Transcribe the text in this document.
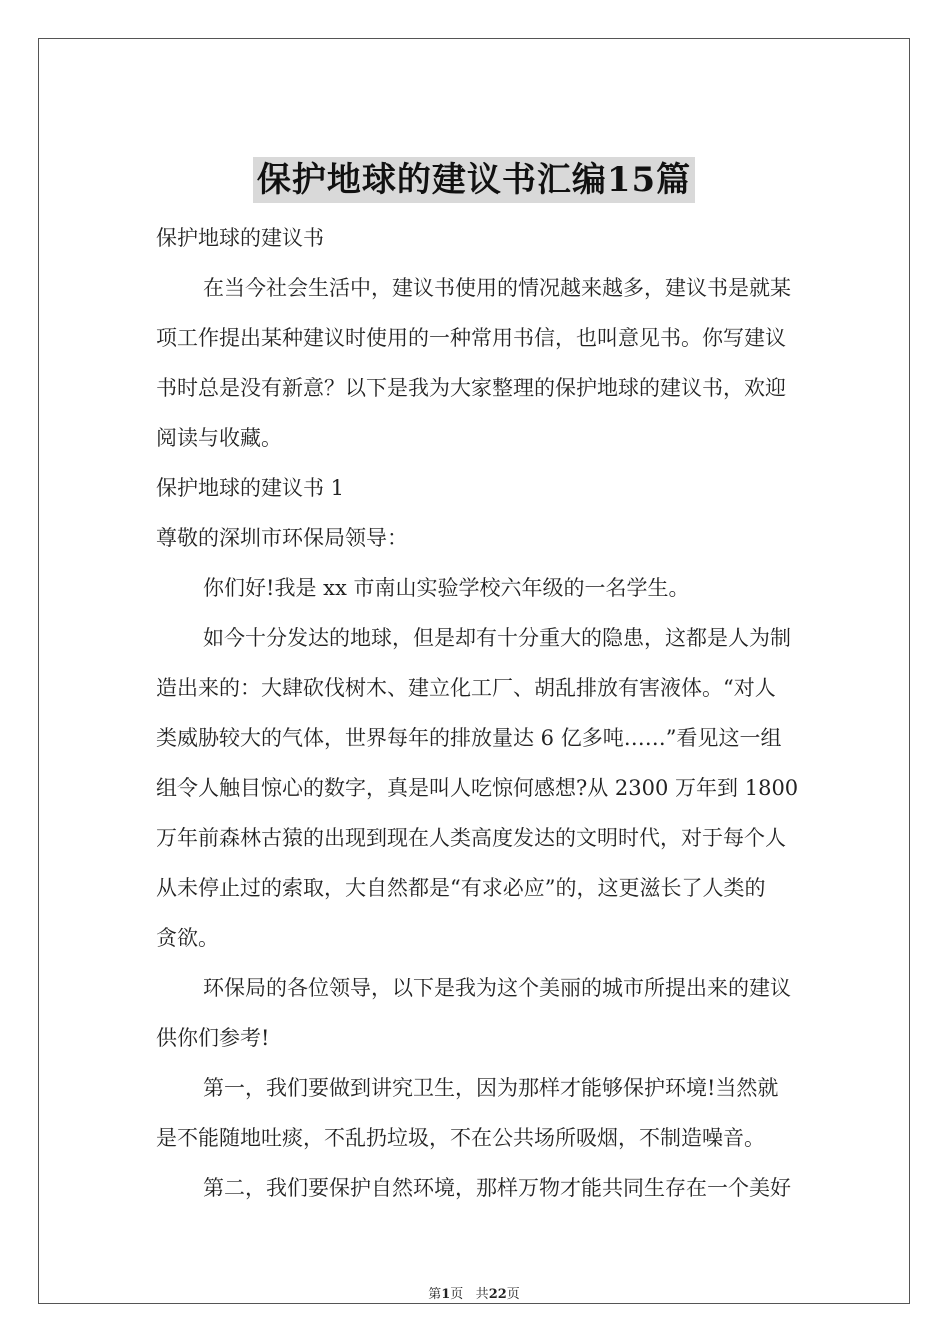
保护地球的建议书汇编15篇
保护地球的建议书
在当今社会生活中，建议书使用的情况越来越多，建议书是就某
项工作提出某种建议时使用的一种常用书信，也叫意见书。你写建议
书时总是没有新意？以下是我为大家整理的保护地球的建议书，欢迎
阅读与收藏。
保护地球的建议书 1
尊敬的深圳市环保局领导：
你们好!我是 xx 市南山实验学校六年级的一名学生。
如今十分发达的地球，但是却有十分重大的隐患，这都是人为制
造出来的：大肆砍伐树木、建立化工厂、胡乱排放有害液体。“对人
类威胁较大的气体，世界每年的排放量达 6 亿多吨……”看见这一组
组令人触目惊心的数字，真是叫人吃惊何感想?从 2300 万年到 1800
万年前森林古猿的出现到现在人类高度发达的文明时代，对于每个人
从未停止过的索取，大自然都是“有求必应”的，这更滋长了人类的
贪欲。
环保局的各位领导，以下是我为这个美丽的城市所提出来的建议
供你们参考!
第一，我们要做到讲究卫生，因为那样才能够保护环境!当然就
是不能随地吐痰，不乱扔垃圾，不在公共场所吸烟，不制造噪音。
第二，我们要保护自然环境，那样万物才能共同生存在一个美好
第1页 共22页
